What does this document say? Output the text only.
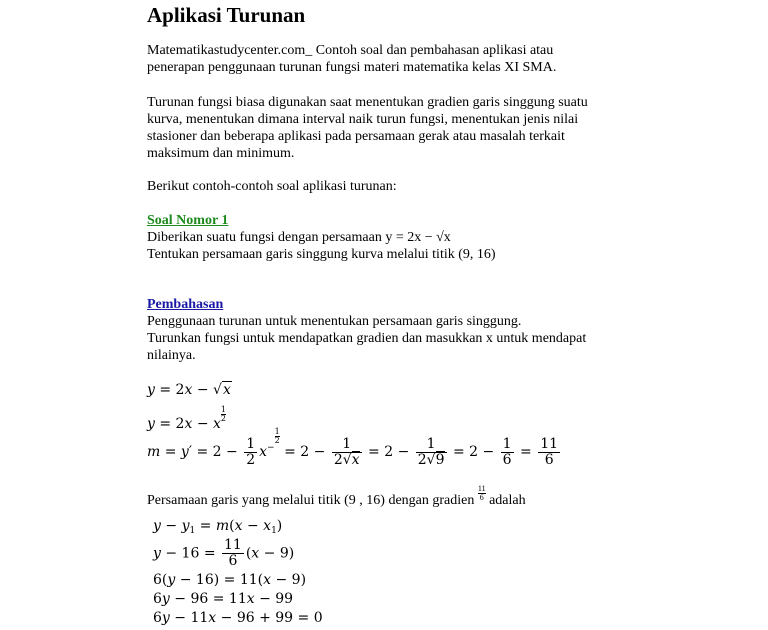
Aplikasi Turunan
Matematikastudycenter.com_ Contoh soal dan pembahasan aplikasi atau
penerapan penggunaan turunan fungsi materi matematika kelas XI SMA.
Turunan fungsi biasa digunakan saat menentukan gradien garis singgung suatu
kurva, menentukan dimana interval naik turun fungsi, menentukan jenis nilai
stasioner dan beberapa aplikasi pada persamaan gerak atau masalah terkait
maksimum dan minimum.
Berikut contoh-contoh soal aplikasi turunan:
Soal Nomor 1
Diberikan suatu fungsi dengan persamaan y = 2x − √x
Tentukan persamaan garis singgung kurva melalui titik (9, 16)
Pembahasan
Penggunaan turunan untuk menentukan persamaan garis singgung.
Turunkan fungsi untuk mendapatkan gradien dan masukkan x untuk mendapat
nilainya.
y = 2x − √x
y = 2x − x
$\frac{1}{2}$
$m = y' = 2 - \frac{1}{2} x^{- \frac{1}{2}}$
= $2 - \frac{1}{2√x} = 2 - \frac{1}{2√9} = 2 - \frac{1}{6} = \frac{11}{6}$
Persamaan garis yang melalui titik (9 , 16) dengan gradien $\frac{11}{6}$ adalah
$y - y_1 = m(x - x_1)$
$y - 16 = \frac{11}{6} (x - 9)$
6(y − 16) = 11(x − 9)
6y − 96 = 11x − 99
6y − 11x − 96 + 99 = 0
